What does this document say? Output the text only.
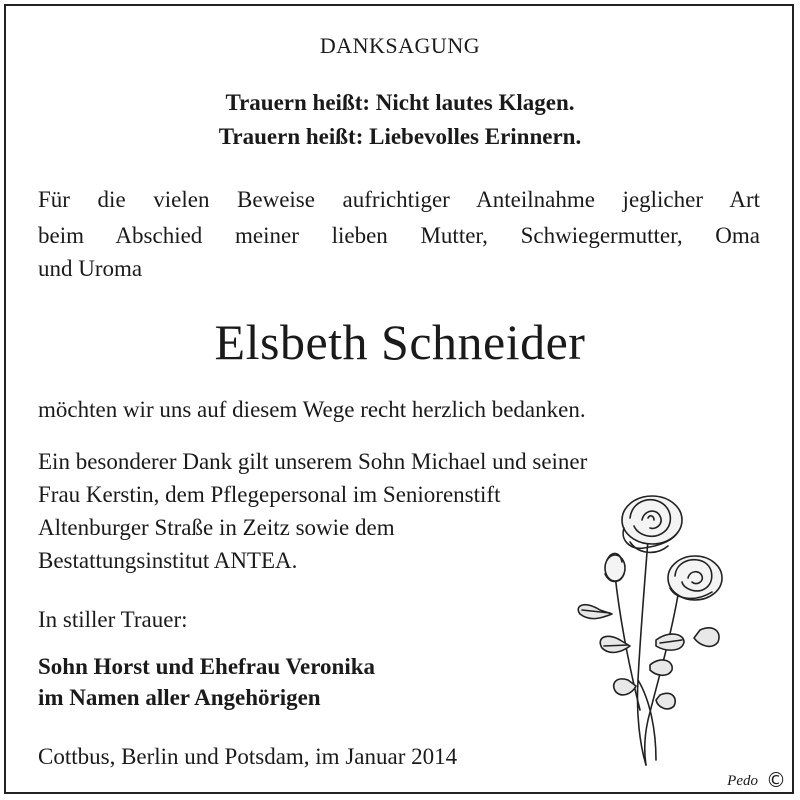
DANKSAGUNG
Trauern heißt: Nicht lautes Klagen.
Trauern heißt: Liebevolles Erinnern.
Für die vielen Beweise aufrichtiger Anteilnahme jeglicher Art
beim Abschied meiner lieben Mutter, Schwiegermutter, Oma
und Uroma
Elsbeth Schneider
möchten wir uns auf diesem Wege recht herzlich bedanken.
Ein besonderer Dank gilt unserem Sohn Michael und seiner
Frau Kerstin, dem Pflegepersonal im Seniorenstift
Altenburger Straße in Zeitz sowie dem
Bestattungsinstitut ANTEA.
In stiller Trauer:
Sohn Horst und Ehefrau Veronika
im Namen aller Angehörigen
Cottbus, Berlin und Potsdam, im Januar 2014
Pedo ©
